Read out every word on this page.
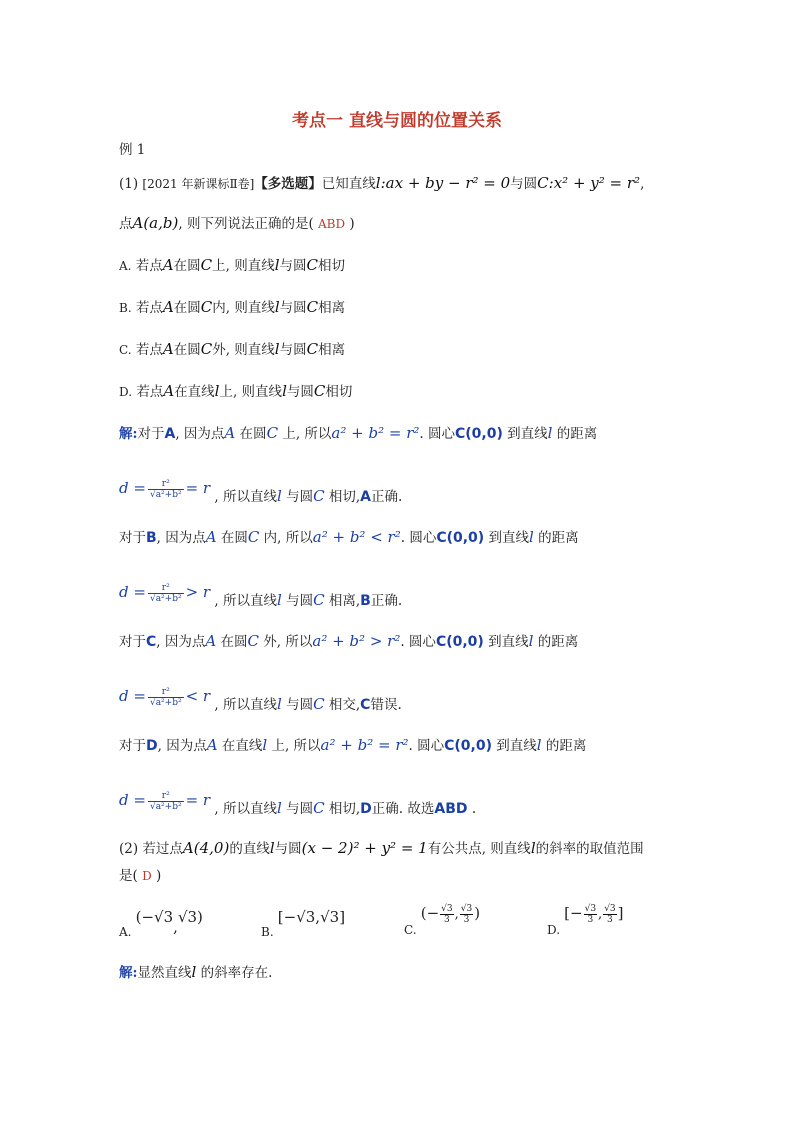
考点一 直线与圆的位置关系
例 1
(1) [2021 年新课标Ⅱ卷]【多选题】已知直线l:ax + by − r² = 0与圆C:x² + y² = r²,
点A(a,b), 则下列说法正确的是( ABD )
A. 若点A在圆C上, 则直线l与圆C相切
B. 若点A在圆C内, 则直线l与圆C相离
C. 若点A在圆C外, 则直线l与圆C相离
D. 若点A在直线l上, 则直线l与圆C相切
解:对于A, 因为点A 在圆C 上, 所以a² + b² = r². 圆心C(0,0) 到直线l 的距离
$d = \frac{\text{r²}}{\text{√a²+b²}} = r$ , 所以直线l 与圆C 相切,A正确.
对于B, 因为点A 在圆C 内, 所以a² + b² < r². 圆心C(0,0) 到直线l 的距离
$d = \frac{\text{r²}}{\text{√a²+b²}} > r$ , 所以直线l 与圆C 相离,B正确.
对于C, 因为点A 在圆C 外, 所以a² + b² > r². 圆心C(0,0) 到直线l 的距离
$d = \frac{\text{r²}}{\text{√a²+b²}} < r$ , 所以直线l 与圆C 相交,C错误.
对于D, 因为点A 在直线l 上, 所以a² + b² = r². 圆心C(0,0) 到直线l 的距离
$d = \frac{\text{r²}}{\text{√a²+b²}} = r$ , 所以直线l 与圆C 相切,D正确. 故选ABD .
(2) 若过点A(4,0)的直线l与圆(x − 2)² + y² = 1有公共点, 则直线l的斜率的取值范围
是( D )
A. (−√3,√3)
B. [−√3,√3]
C. (− $\frac{√3}{3}$ , $\frac{√3}{3}$ )
D. [− $\frac{√3}{3}$ , $\frac{√3}{3}$ ]
解:显然直线l 的斜率存在.
